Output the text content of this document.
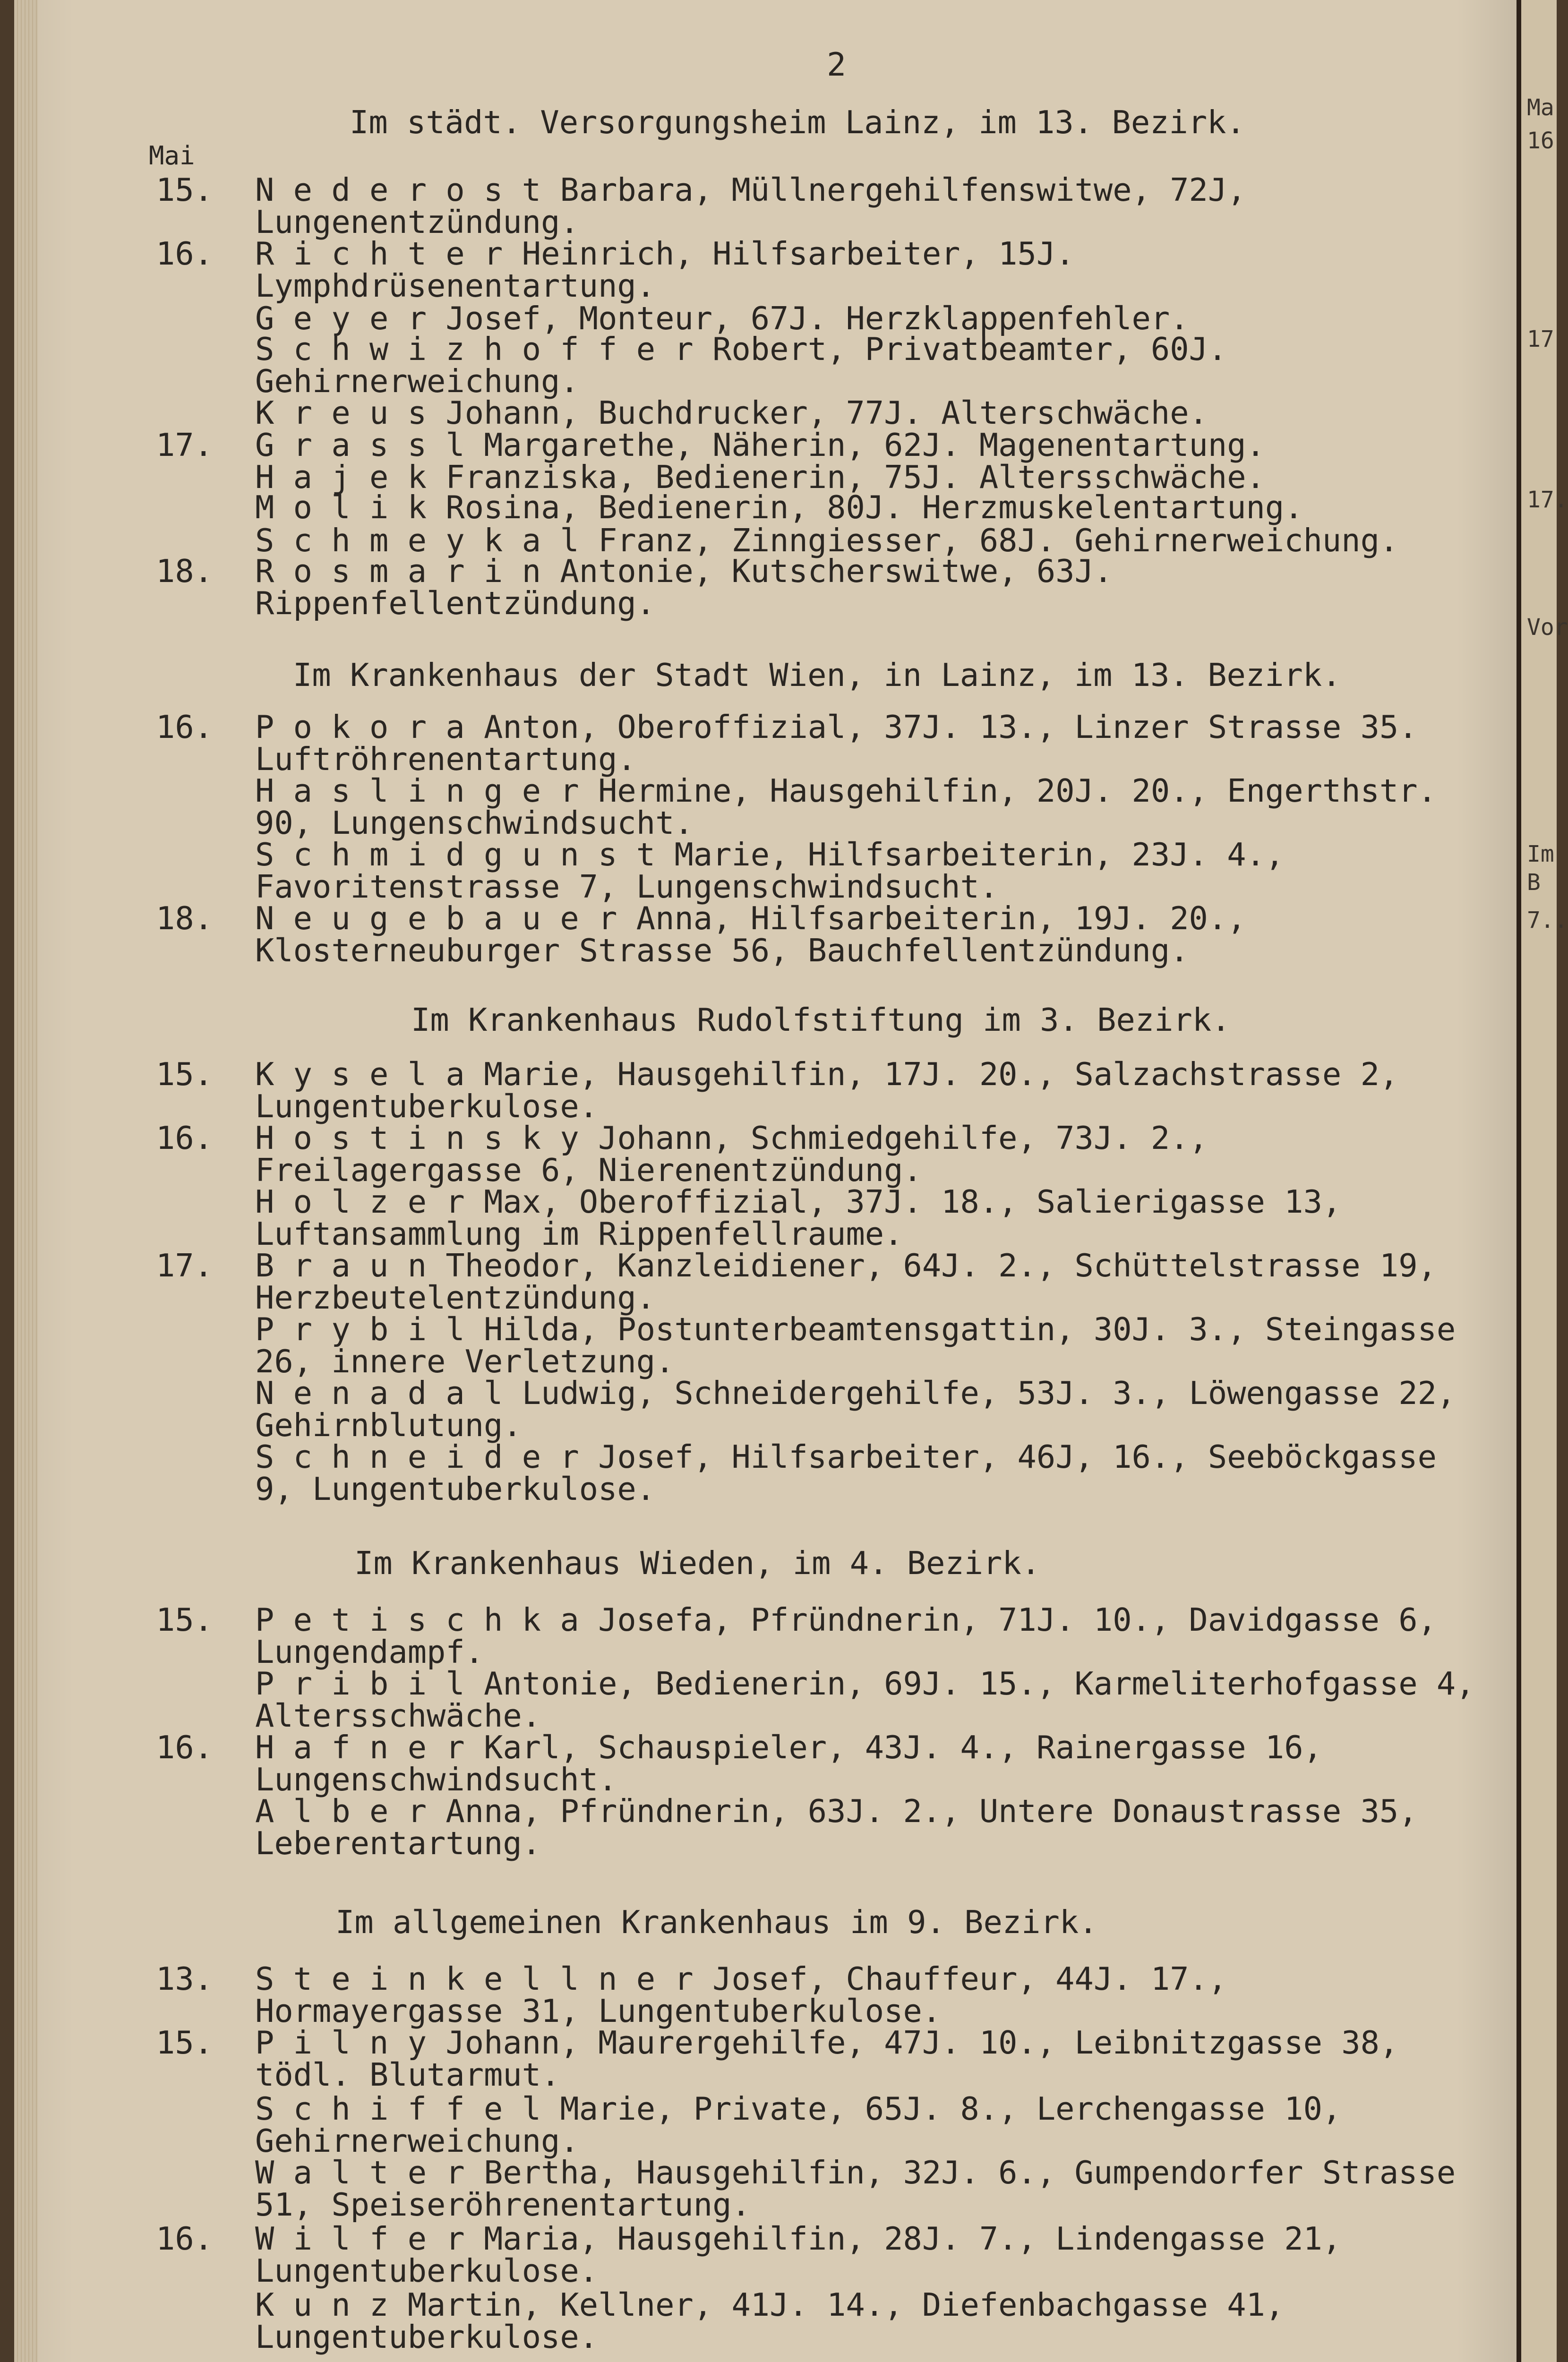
2
Mai
Im städt. Versorgungsheim Lainz, im 13. Bezirk.
15. N e d e r o s t Barbara, Müllnergehilfenswitwe, 72J, Lungenentzündung.
16. R i c h t e r Heinrich, Hilfsarbeiter, 15J. Lymphdrüsenentartung.
G e y e r Josef, Monteur, 67J. Herzklappenfehler.
S c h w i z h o f f e r Robert, Privatbeamter, 60J. Gehirnerweichung.
K r e u s Johann, Buchdrucker, 77J. Alterschwäche.
17. G r a s s l Margarethe, Näherin, 62J. Magenentartung.
H a j e k Franziska, Bedienerin, 75J. Altersschwäche.
M o l i k Rosina, Bedienerin, 80J. Herzmuskelentartung.
S c h m e y k a l Franz, Zinngiesser, 68J. Gehirnerweichung.
18. R o s m a r i n Antonie, Kutscherswitwe, 63J. Rippenfellentzündung.
Im Krankenhaus der Stadt Wien, in Lainz, im 13. Bezirk.
16. P o k o r a Anton, Oberoffizial, 37J. 13., Linzer Strasse 35. Luftröhrenentartung.
H a s l i n g e r Hermine, Hausgehilfin, 20J. 20., Engerthstr. 90, Lungenschwindsucht.
S c h m i d g u n s t Marie, Hilfsarbeiterin, 23J. 4., Favoritenstrasse 7, Lungenschwindsucht.
18. N e u g e b a u e r Anna, Hilfsarbeiterin, 19J. 20., Klosterneuburger Strasse 56, Bauchfellentzündung.
Im Krankenhaus Rudolfstiftung im 3. Bezirk.
15. K y s e l a Marie, Hausgehilfin, 17J. 20., Salzachstrasse 2, Lungentuberkulose.
16. H o s t i n s k y Johann, Schmiedgehilfe, 73J. 2., Freilagergasse 6, Nierenentzündung.
H o l z e r Max, Oberoffizial, 37J. 18., Salierigasse 13, Luftansammlung im Rippenfellraume.
17. B r a u n Theodor, Kanzleidiener, 64J. 2., Schüttelstrasse 19, Herzbeutelentzündung.
P r y b i l Hilda, Postunterbeamtensgattin, 30J. 3., Steingasse 26, innere Verletzung.
N e n a d a l Ludwig, Schneidergehilfe, 53J. 3., Löwengasse 22, Gehirnblutung.
S c h n e i d e r Josef, Hilfsarbeiter, 46J, 16., Seeböckgasse 9, Lungentuberkulose.
Im Krankenhaus Wieden, im 4. Bezirk.
15. P e t i s c h k a Josefa, Pfründnerin, 71J. 10., Davidgasse 6, Lungendampf.
P r i b i l Antonie, Bedienerin, 69J. 15., Karmeliterhofgasse 4, Altersschwäche.
16. H a f n e r Karl, Schauspieler, 43J. 4., Rainergasse 16, Lungenschwindsucht.
A l b e r Anna, Pfründnerin, 63J. 2., Untere Donaustrasse 35, Leberentartung.
Im allgemeinen Krankenhaus im 9. Bezirk.
13. S t e i n k e l l n e r Josef, Chauffeur, 44J. 17., Hormayergasse 31, Lungentuberkulose.
15. P i l n y Johann, Maurergehilfe, 47J. 10., Leibnitzgasse 38, tödl. Blutarmut.
S c h i f f e l Marie, Private, 65J. 8., Lerchengasse 10, Gehirnerweichung.
W a l t e r Bertha, Hausgehilfin, 32J. 6., Gumpendorfer Strasse 51, Speiseröhrenentartung.
16. W i l f e r Maria, Hausgehilfin, 28J. 7., Lindengasse 21, Lungentuberkulose.
K u n z Martin, Kellner, 41J. 14., Diefenbachgasse 41, Lungentuberkulose.

Ma
16
17
17.
Vor
Im
B
7..
